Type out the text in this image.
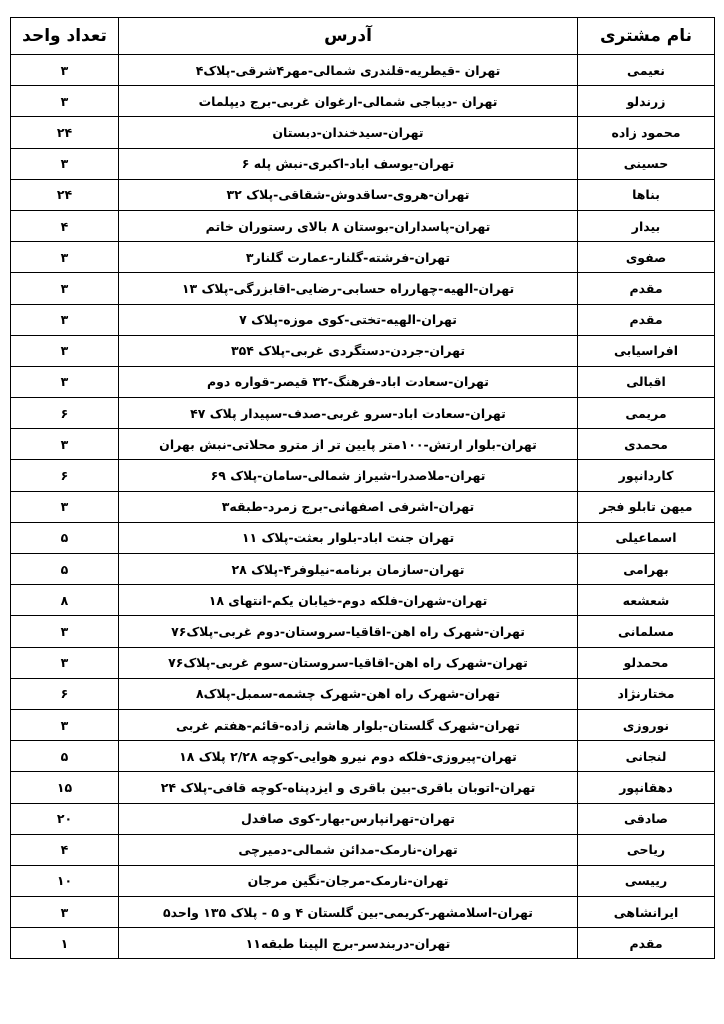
	نام مشتری	آدرس	تعداد واحد
	نعیمی	تهران -قیطریه-قلندری شمالی-مهر۴شرقی-پلاک۴	۳
	زرندلو	تهران -دیباجی شمالی-ارغوان غربی-برج دیپلمات	۳
	محمود زاده	تهران-سیدخندان-دبستان	۲۴
	حسینی	تهران-یوسف اباد-اکبری-نبش پله ۶	۳
	بناها	تهران-هروی-ساقدوش-شقاقی-پلاک ۳۲	۲۴
	بیدار	تهران-پاسداران-بوستان ۸ بالای رستوران خاتم	۴
	صفوی	تهران-فرشته-گلنار-عمارت گلنار۳	۳
	مقدم	تهران-الهیه-چهارراه حسابی-رضایی-اقابزرگی-پلاک ۱۳	۳
	مقدم	تهران-الهیه-تختی-کوی موزه-پلاک ۷	۳
	افراسیابی	تهران-جردن-دستگردی غربی-پلاک ۳۵۴	۳
	اقبالی	تهران-سعادت اباد-فرهنگ-۳۲ قیصر-قواره دوم	۳
	مریمی	تهران-سعادت اباد-سرو غربی-صدف-سپیدار پلاک ۴۷	۶
	محمدی	تهران-بلوار ارتش-۱۰۰متر پایین تر از مترو محلاتی-نبش بهران	۳
	کاردانپور	تهران-ملاصدرا-شیراز شمالی-سامان-پلاک ۶۹	۶
	میهن تابلو فجر	تهران-اشرفی اصفهانی-برج زمرد-طبقه۳	۳
	اسماعیلی	تهران جنت اباد-بلوار بعثت-پلاک ۱۱	۵
	بهرامی	تهران-سازمان برنامه-نیلوفر۴-پلاک ۲۸	۵
	شعشعه	تهران-شهران-فلکه دوم-خیابان یکم-انتهای ۱۸	۸
	مسلمانی	تهران-شهرک راه اهن-اقاقیا-سروستان-دوم غربی-پلاک۷۶	۳
	محمدلو	تهران-شهرک راه اهن-اقاقیا-سروستان-سوم غربی-پلاک۷۶	۳
	مختارنژاد	تهران-شهرک راه اهن-شهرک چشمه-سمبل-پلاک۸	۶
	نوروزی	تهران-شهرک گلستان-بلوار هاشم زاده-قائم-هفتم غربی	۳
	لنجانی	تهران-پیروزی-فلکه دوم نیرو هوایی-کوچه ۲/۲۸ پلاک ۱۸	۵
	دهقانپور	تهران-اتوبان باقری-بین باقری و ایزدپناه-کوچه قافی-پلاک ۲۴	۱۵
	صادقی	تهران-تهرانپارس-بهار-کوی صافدل	۲۰
	ریاحی	تهران-نارمک-مدائن شمالی-دمیرچی	۴
	رییسی	تهران-نارمک-مرجان-نگین مرجان	۱۰
	ایرانشاهی	تهران-اسلامشهر-کریمی-بین گلستان ۴ و ۵ - پلاک ۱۳۵ واحد۵	۳
	مقدم	تهران-دربندسر-برج الپینا طبقه۱۱	۱
